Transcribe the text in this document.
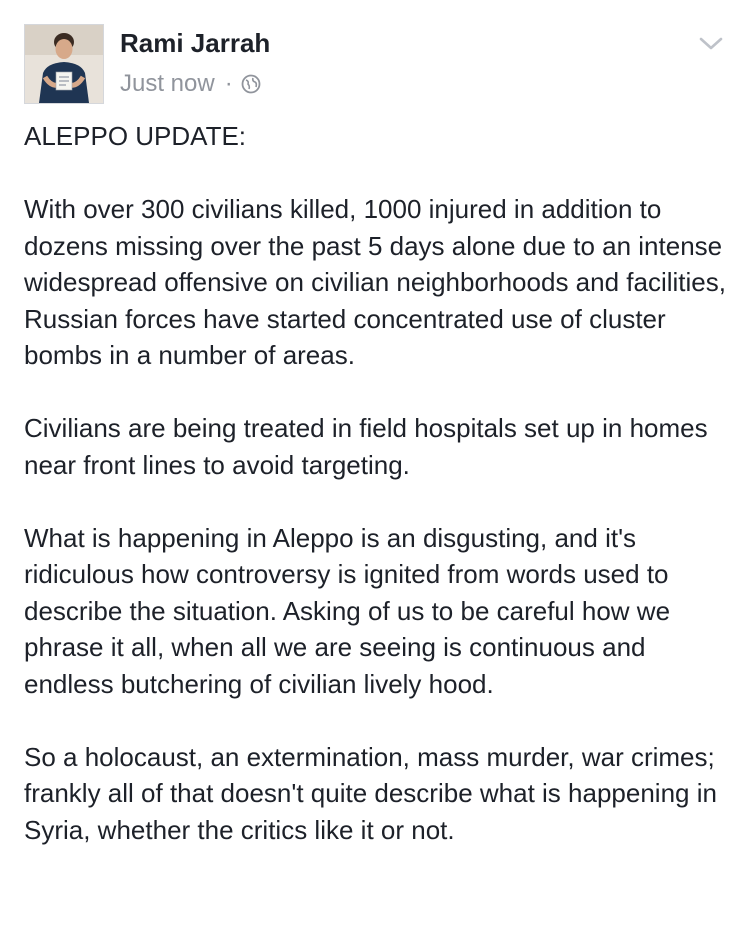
Rami Jarrah
Just now ·

ALEPPO UPDATE:

With over 300 civilians killed, 1000 injured in addition to dozens missing over the past 5 days alone due to an intense widespread offensive on civilian neighborhoods and facilities, Russian forces have started concentrated use of cluster bombs in a number of areas.

Civilians are being treated in field hospitals set up in homes near front lines to avoid targeting.

What is happening in Aleppo is an disgusting, and it's ridiculous how controversy is ignited from words used to describe the situation. Asking of us to be careful how we phrase it all, when all we are seeing is continuous and endless butchering of civilian lively hood.

So a holocaust, an extermination, mass murder, war crimes; frankly all of that doesn't quite describe what is happening in Syria, whether the critics like it or not.
